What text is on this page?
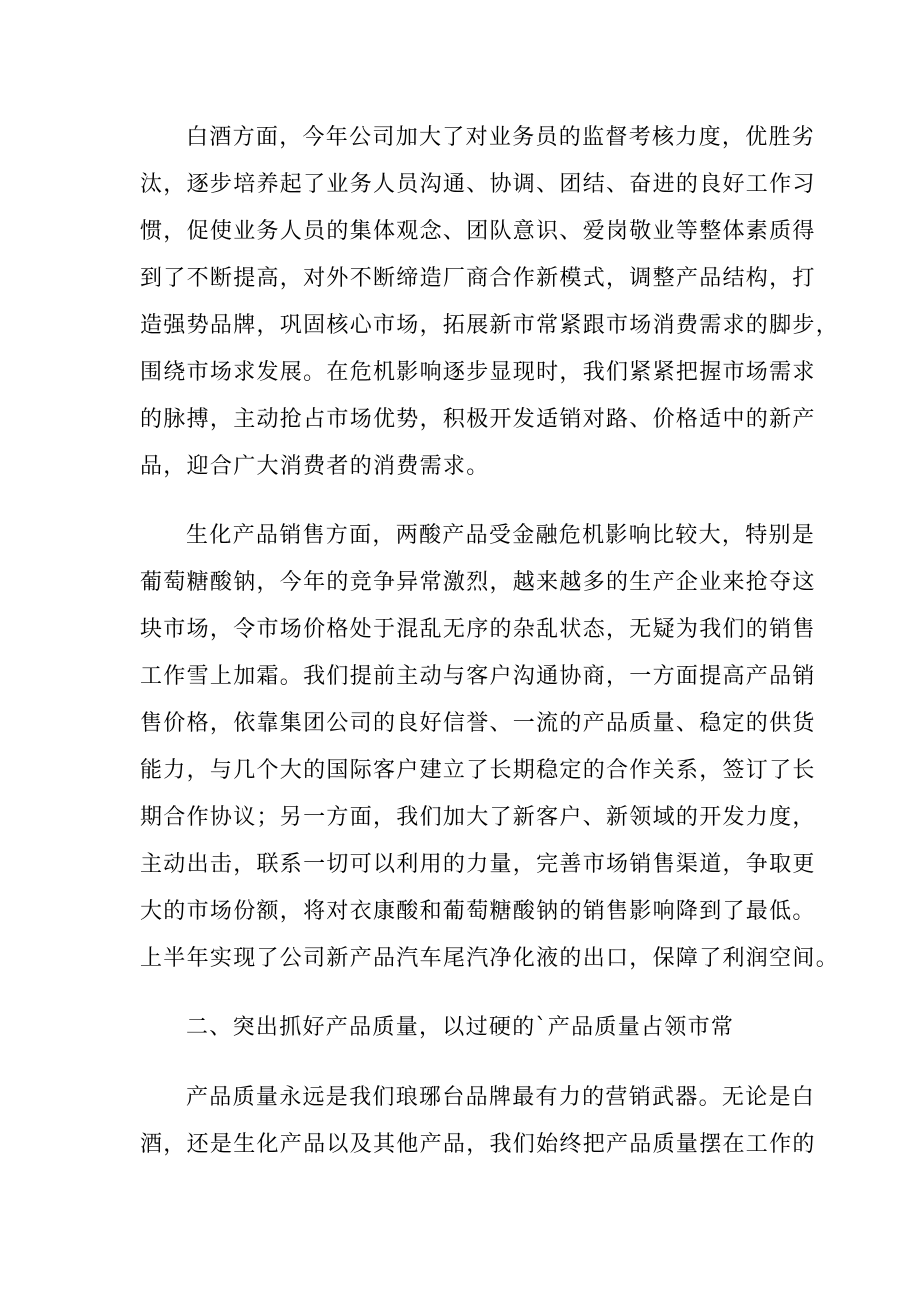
白酒方面，今年公司加大了对业务员的监督考核力度，优胜劣
汰，逐步培养起了业务人员沟通、协调、团结、奋进的良好工作习
惯，促使业务人员的集体观念、团队意识、爱岗敬业等整体素质得
到了不断提高，对外不断缔造厂商合作新模式，调整产品结构，打
造强势品牌，巩固核心市场，拓展新市常紧跟市场消费需求的脚步，
围绕市场求发展。在危机影响逐步显现时，我们紧紧把握市场需求
的脉搏，主动抢占市场优势，积极开发适销对路、价格适中的新产
品，迎合广大消费者的消费需求。
生化产品销售方面，两酸产品受金融危机影响比较大，特别是
葡萄糖酸钠，今年的竞争异常激烈，越来越多的生产企业来抢夺这
块市场，令市场价格处于混乱无序的杂乱状态，无疑为我们的销售
工作雪上加霜。我们提前主动与客户沟通协商，一方面提高产品销
售价格，依靠集团公司的良好信誉、一流的产品质量、稳定的供货
能力，与几个大的国际客户建立了长期稳定的合作关系，签订了长
期合作协议；另一方面，我们加大了新客户、新领域的开发力度，
主动出击，联系一切可以利用的力量，完善市场销售渠道，争取更
大的市场份额，将对衣康酸和葡萄糖酸钠的销售影响降到了最低。
上半年实现了公司新产品汽车尾汽净化液的出口，保障了利润空间。
二、突出抓好产品质量，以过硬的`产品质量占领市常
产品质量永远是我们琅琊台品牌最有力的营销武器。无论是白
酒，还是生化产品以及其他产品，我们始终把产品质量摆在工作的
